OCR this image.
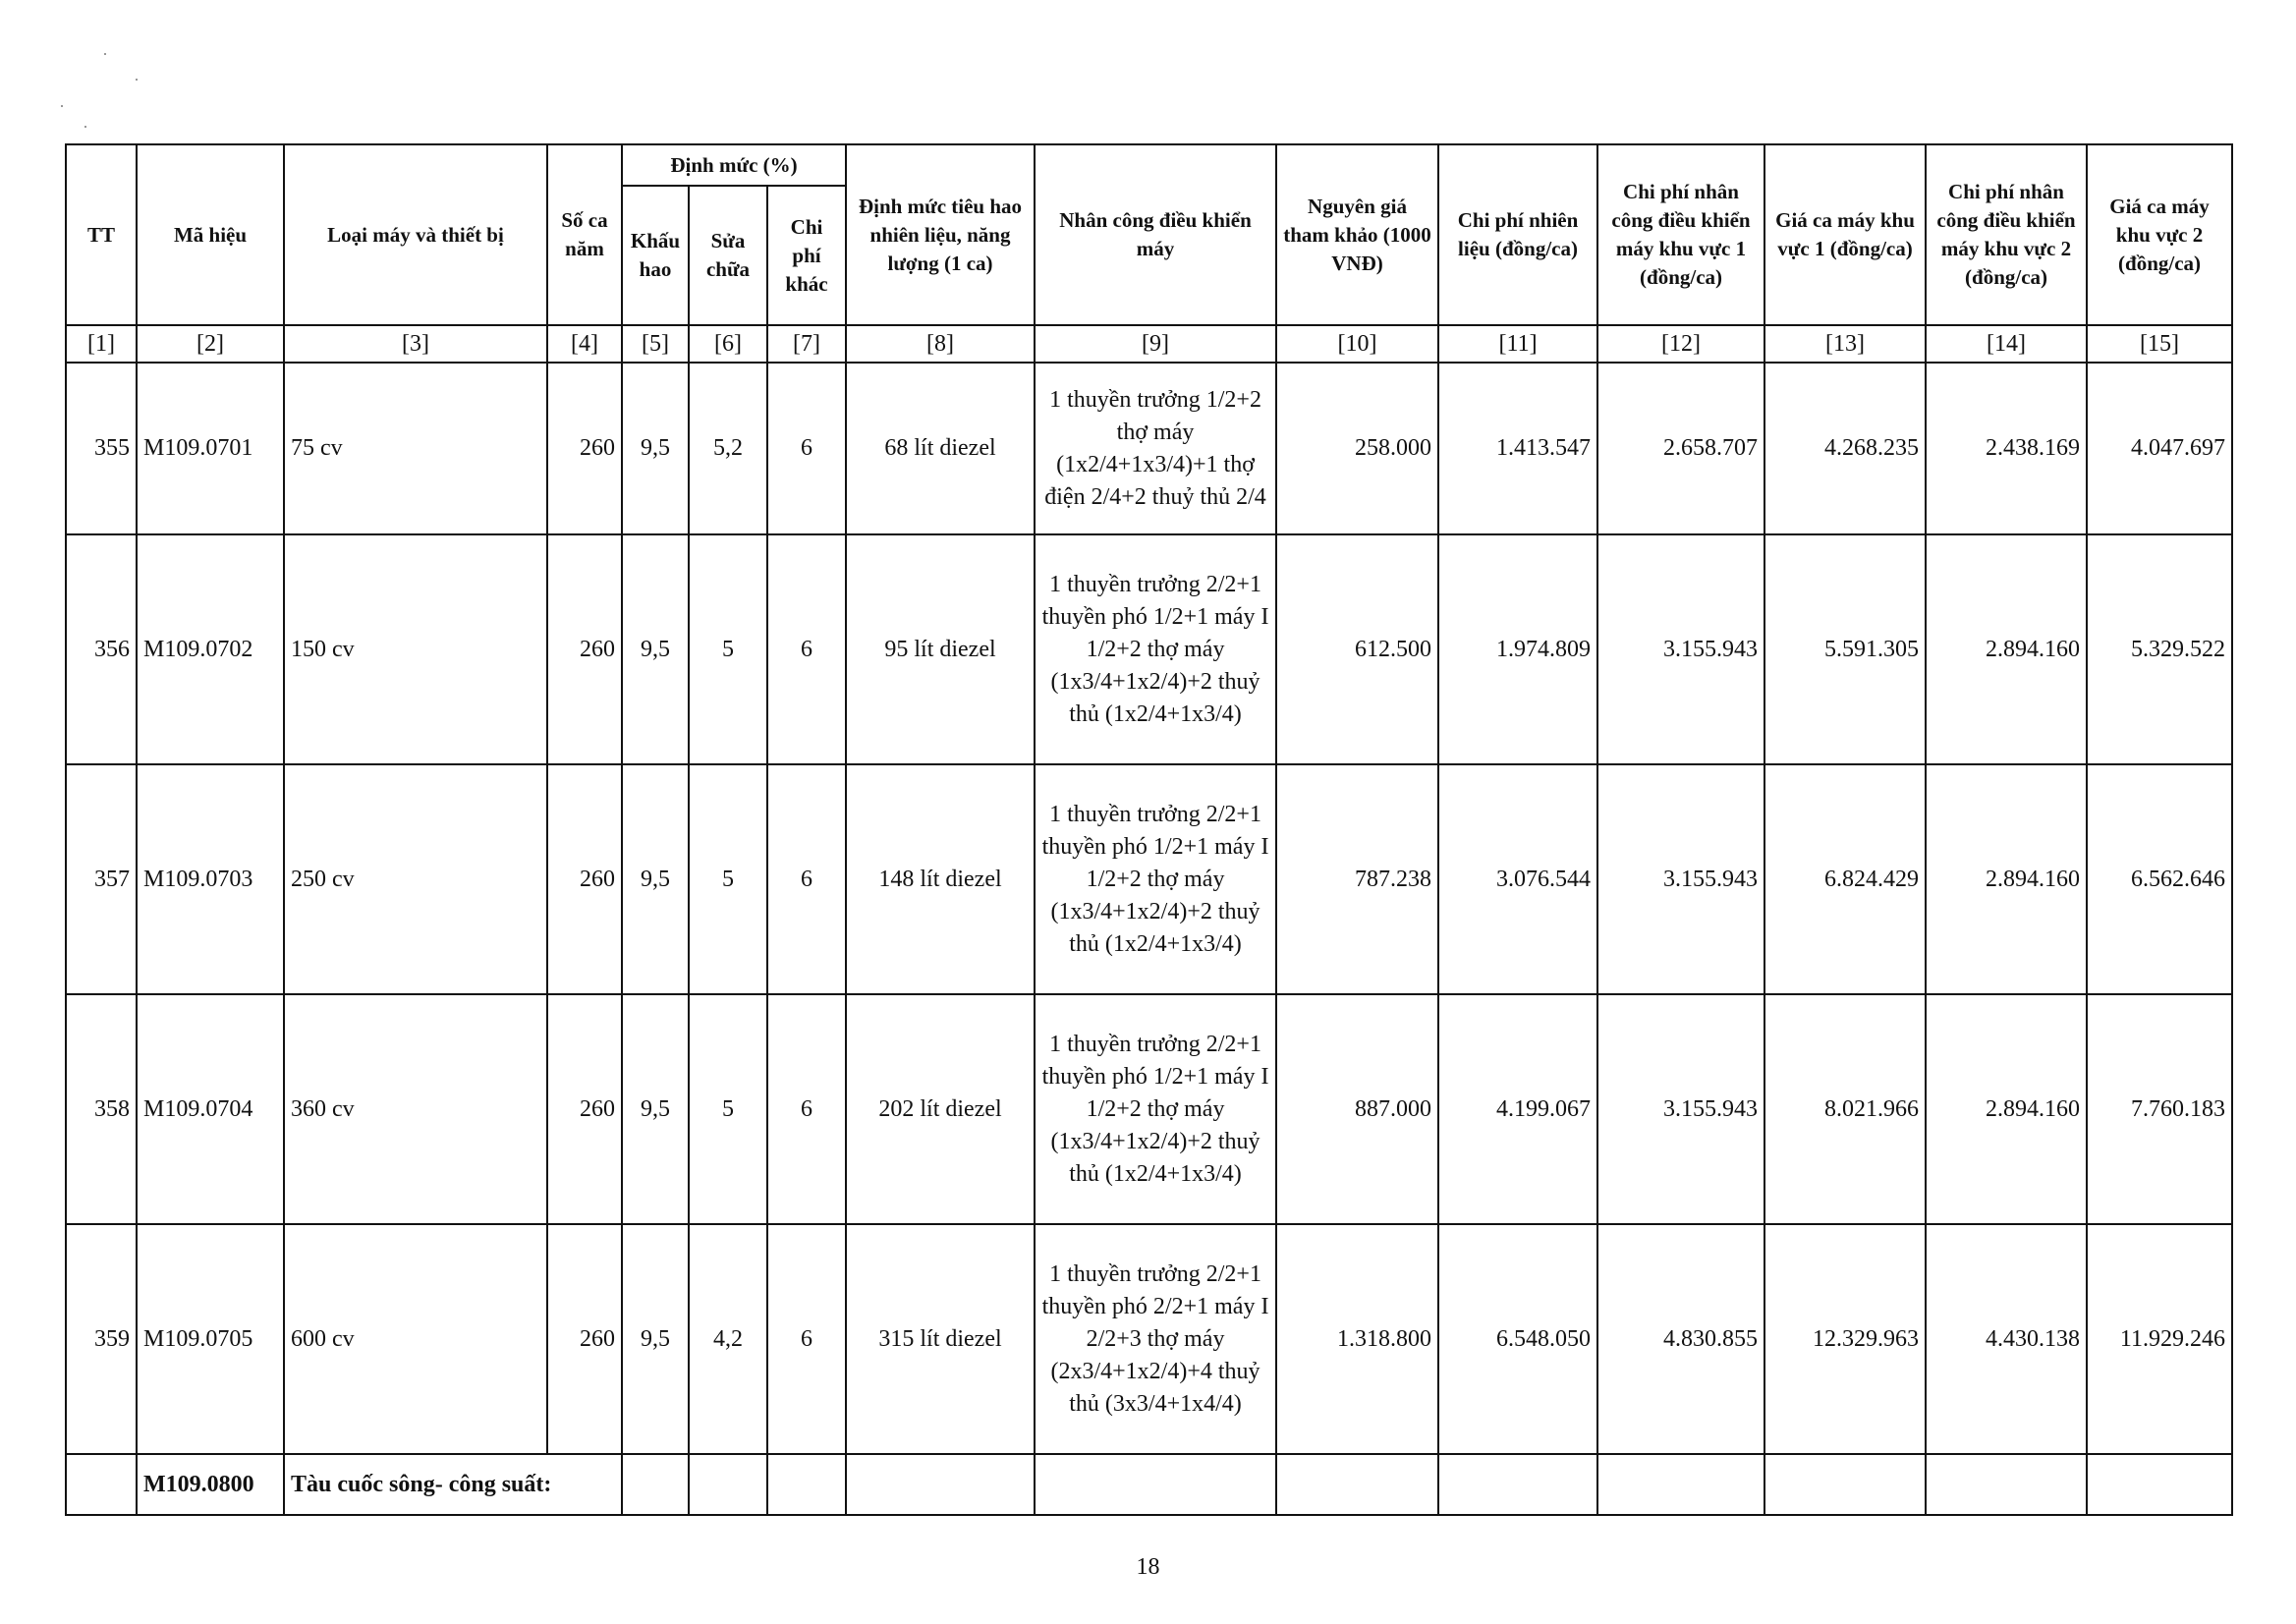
TT	Mã hiệu	Loại máy và thiết bị	Số ca năm	Định mức (%)			Định mức tiêu hao nhiên liệu, năng lượng (1 ca)	Nhân công điều khiển máy	Nguyên giá tham khảo (1000 VNĐ)	Chi phí nhiên liệu (đồng/ca)	Chi phí nhân công điều khiển máy khu vực 1 (đồng/ca)	Giá ca máy khu vực 1 (đồng/ca)	Chi phí nhân công điều khiển máy khu vực 2 (đồng/ca)	Giá ca máy khu vực 2 (đồng/ca)
				Khấu hao	Sửa chữa	Chi phí khác								
[1]	[2]	[3]	[4]	[5]	[6]	[7]	[8]	[9]	[10]	[11]	[12]	[13]	[14]	[15]
355	M109.0701	75 cv	260	9,5	5,2	6	68 lít diezel	1 thuyền trưởng 1/2+2 thợ máy (1x2/4+1x3/4)+1 thợ điện 2/4+2 thuỷ thủ 2/4	258.000	1.413.547	2.658.707	4.268.235	2.438.169	4.047.697
356	M109.0702	150 cv	260	9,5	5	6	95 lít diezel	1 thuyền trưởng 2/2+1 thuyền phó 1/2+1 máy I 1/2+2 thợ máy (1x3/4+1x2/4)+2 thuỷ thủ (1x2/4+1x3/4)	612.500	1.974.809	3.155.943	5.591.305	2.894.160	5.329.522
357	M109.0703	250 cv	260	9,5	5	6	148 lít diezel	1 thuyền trưởng 2/2+1 thuyền phó 1/2+1 máy I 1/2+2 thợ máy (1x3/4+1x2/4)+2 thuỷ thủ (1x2/4+1x3/4)	787.238	3.076.544	3.155.943	6.824.429	2.894.160	6.562.646
358	M109.0704	360 cv	260	9,5	5	6	202 lít diezel	1 thuyền trưởng 2/2+1 thuyền phó 1/2+1 máy I 1/2+2 thợ máy (1x3/4+1x2/4)+2 thuỷ thủ (1x2/4+1x3/4)	887.000	4.199.067	3.155.943	8.021.966	2.894.160	7.760.183
359	M109.0705	600 cv	260	9,5	4,2	6	315 lít diezel	1 thuyền trưởng 2/2+1 thuyền phó 2/2+1 máy I 2/2+3 thợ máy (2x3/4+1x2/4)+4 thuỷ thủ (3x3/4+1x4/4)	1.318.800	6.548.050	4.830.855	12.329.963	4.430.138	11.929.246
	M109.0800	Tàu cuốc sông- công suất:												
18
